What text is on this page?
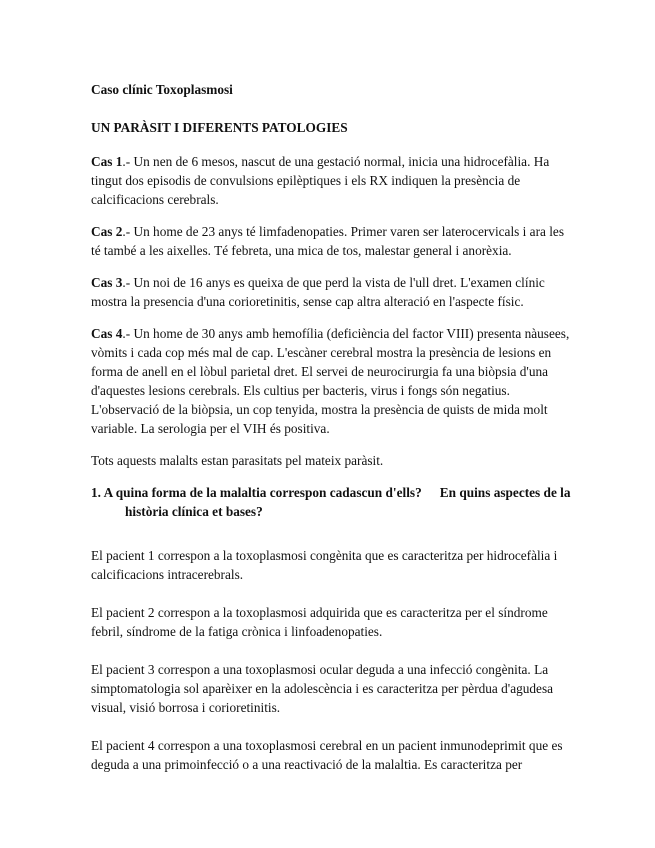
Caso clínic Toxoplasmosi

UN PARÀSIT I DIFERENTS PATOLOGIES

Cas 1.- Un nen de 6 mesos, nascut de una gestació normal, inicia una hidrocefàlia. Ha tingut dos episodis de convulsions epilèptiques i els RX indiquen la presència de calcificacions cerebrals.

Cas 2.- Un home de 23 anys té limfadenopaties. Primer varen ser laterocervicals i ara les té també a les aixelles. Té febreta, una mica de tos, malestar general i anorèxia.

Cas 3.- Un noi de 16 anys es queixa de que perd la vista de l'ull dret. L'examen clínic mostra la presencia d'una corioretinitis, sense cap altra alteració en l'aspecte físic.

Cas 4.- Un home de 30 anys amb hemofília (deficiència del factor VIII) presenta nàusees, vòmits i cada cop més mal de cap. L'escàner cerebral mostra la presència de lesions en forma de anell en el lòbul parietal dret. El servei de neurocirurgia fa una biòpsia d'una d'aquestes lesions cerebrals. Els cultius per bacteris, virus i fongs són negatius. L'observació de la biòpsia, un cop tenyida, mostra la presència de quists de mida molt variable. La serologia per el VIH és positiva.

Tots aquests malalts estan parasitats pel mateix paràsit.

1. A quina forma de la malaltia correspon cadascun d'ells? En quins aspectes de la història clínica et bases?

El pacient 1 correspon a la toxoplasmosi congènita que es caracteritza per hidrocefàlia i calcificacions intracerebrals.

El pacient 2 correspon a la toxoplasmosi adquirida que es caracteritza per el síndrome febril, síndrome de la fatiga crònica i linfoadenopaties.

El pacient 3 correspon a una toxoplasmosi ocular deguda a una infecció congènita. La simptomatologia sol aparèixer en la adolescència i es caracteritza per pèrdua d'agudesa visual, visió borrosa i corioretinitis.

El pacient 4 correspon a una toxoplasmosi cerebral en un pacient inmunodeprimit que es deguda a una primoinfecció o a una reactivació de la malaltia. Es caracteritza per
